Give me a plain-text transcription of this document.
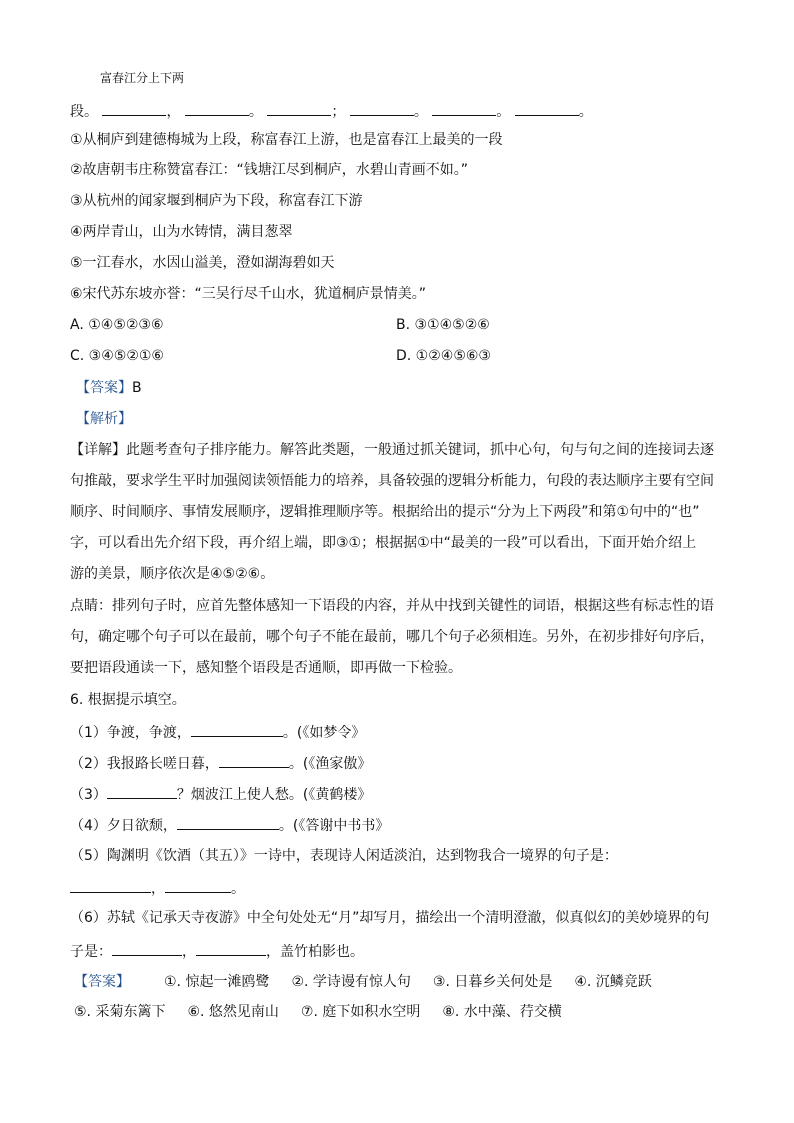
富春江分上下两
段。	，	。	；	。	。	。
①从桐庐到建德梅城为上段，称富春江上游，也是富春江上最美的一段
②故唐朝韦庄称赞富春江：“钱塘江尽到桐庐，水碧山青画不如。”
③从杭州的闻家堰到桐庐为下段，称富春江下游
④两岸青山，山为水铸情，满目葱翠
⑤一江春水，水因山溢美，澄如湖海碧如天
⑥宋代苏东坡亦誉：“三吴行尽千山水，犹道桐庐景情美。”
A. ①④⑤②③⑥	B. ③①④⑤②⑥
C. ③④⑤②①⑥	D. ①②④⑤⑥③
【答案】B
【解析】
【详解】此题考查句子排序能力。解答此类题，一般通过抓关键词，抓中心句，句与句之间的连接词去逐
句推敲，要求学生平时加强阅读领悟能力的培养，具备较强的逻辑分析能力，句段的表达顺序主要有空间
顺序、时间顺序、事情发展顺序，逻辑推理顺序等。根据给出的提示“分为上下两段”和第①句中的“也”
字，可以看出先介绍下段，再介绍上端，即③①；根据据①中“最美的一段”可以看出，下面开始介绍上
游的美景，顺序依次是④⑤②⑥。
点睛：排列句子时，应首先整体感知一下语段的内容，并从中找到关键性的词语，根据这些有标志性的语
句，确定哪个句子可以在最前，哪个句子不能在最前，哪几个句子必须相连。另外，在初步排好句序后，
要把语段通读一下，感知整个语段是否通顺，即再做一下检验。
6. 根据提示填空。
（1）争渡，争渡，	。(《如梦令》
（2）我报路长嗟日暮，	。(《渔家傲》
（3）	？烟波江上使人愁。(《黄鹤楼》
（4）夕日欲颓，	。(《答谢中书书》
（5）陶渊明《饮酒（其五）》一诗中，表现诗人闲适淡泊，达到物我合一境界的句子是：
，	。
（6）苏轼《记承天寺夜游》中全句处处无“月”却写月，描绘出一个清明澄澈，似真似幻的美妙境界的句
子是：	，	，盖竹柏影也。
【答案】 ①. 惊起一滩鸥鹭 ②. 学诗谩有惊人句 ③. 日暮乡关何处是 ④. 沉鳞竞跃
⑤. 采菊东篱下 ⑥. 悠然见南山 ⑦. 庭下如积水空明 ⑧. 水中藻、荇交横
